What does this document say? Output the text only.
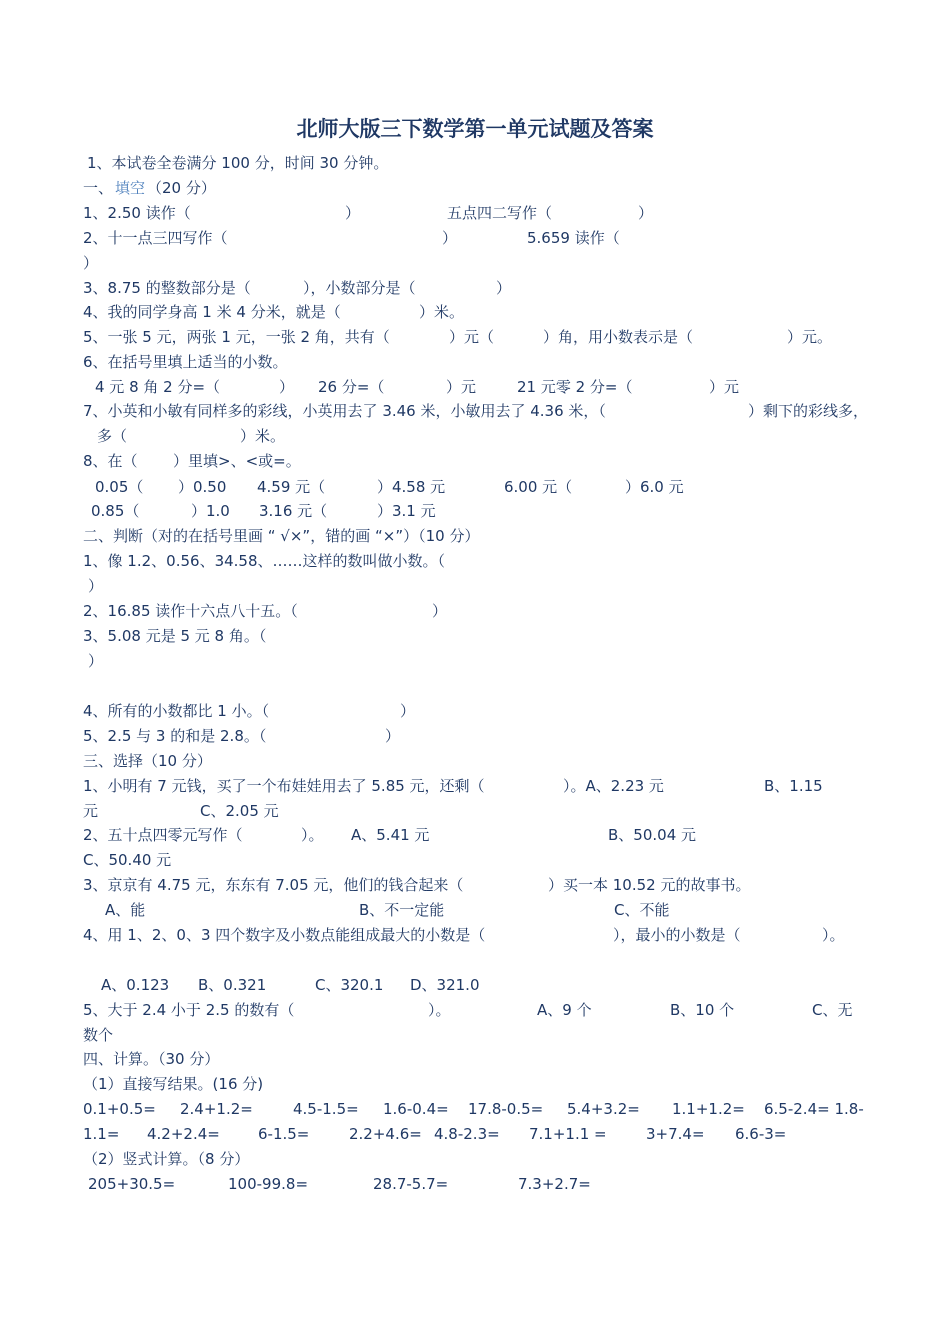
北师大版三下数学第一单元试题及答案
1、本试卷全卷满分 100 分，时间 30 分钟。
一、 填空 （20 分）
1、2.50 读作（	）	五点四二写作（	）
2、十一点三四写作（	）	5.659 读作（
）
3、8.75 的整数部分是（	），小数部分是（	）
4、我的同学身高 1 米 4 分米，就是（	）米。
5、一张 5 元，两张 1 元，一张 2 角，共有（	）元（	）角，用小数表示是（	）元。
6、在括号里填上适当的小数。
4 元 8 角 2 分=（	） 26 分=（	）元	21 元零 2 分=（	）元
7、小英和小敏有同样多的彩线，小英用去了 3.46 米，小敏用去了 4.36 米，（	）剩下的彩线多，
多（	）米。
8、在（ ）里填>、<或=。
0.05（ ）0.50 4.59 元（	）4.58 元	6.00 元（	）6.0 元
0.85（	）1.0 3.16 元（	）3.1 元
二、判断（对的在括号里画 “ √×”，错的画 “×”）（10 分）
1、像 1.2、0.56、34.58、……这样的数叫做小数。（
）
2、16.85 读作十六点八十五。（	）
3、5.08 元是 5 元 8 角。（
）
4、所有的小数都比 1 小。（	）
5、2.5 与 3 的和是 2.8。（	）
三、选择（10 分）
1、小明有 7 元钱，买了一个布娃娃用去了 5.85 元，还剩（	）。A、2.23 元	B、1.15
元	C、2.05 元
2、五十点四零元写作（	）。 A、5.41 元	B、50.04 元
C、50.40 元
3、京京有 4.75 元，东东有 7.05 元，他们的钱合起来（	）买一本 10.52 元的故事书。
A、能	B、不一定能	C、不能
4、用 1、2、0、3 四个数字及小数点能组成最大的小数是（	），最小的小数是（	）。
A、0.123 B、0.321	C、320.1 D、321.0
5、大于 2.4 小于 2.5 的数有（	）。	A、9 个	B、10 个	C、无
数个
四、计算。（30 分）
（1）直接写结果。(16 分)
0.1+0.5= 2.4+1.2=	4.5-1.5= 1.6-0.4= 17.8-0.5= 5.4+3.2= 1.1+1.2= 6.5-2.4= 1.8-
1.1= 4.2+2.4=	6-1.5=	2.2+4.6= 4.8-2.3= 7.1+1.1 =	3+7.4= 6.6-3=
（2）竖式计算。（8 分）
205+30.5=	100-99.8=	28.7-5.7=	7.3+2.7=
